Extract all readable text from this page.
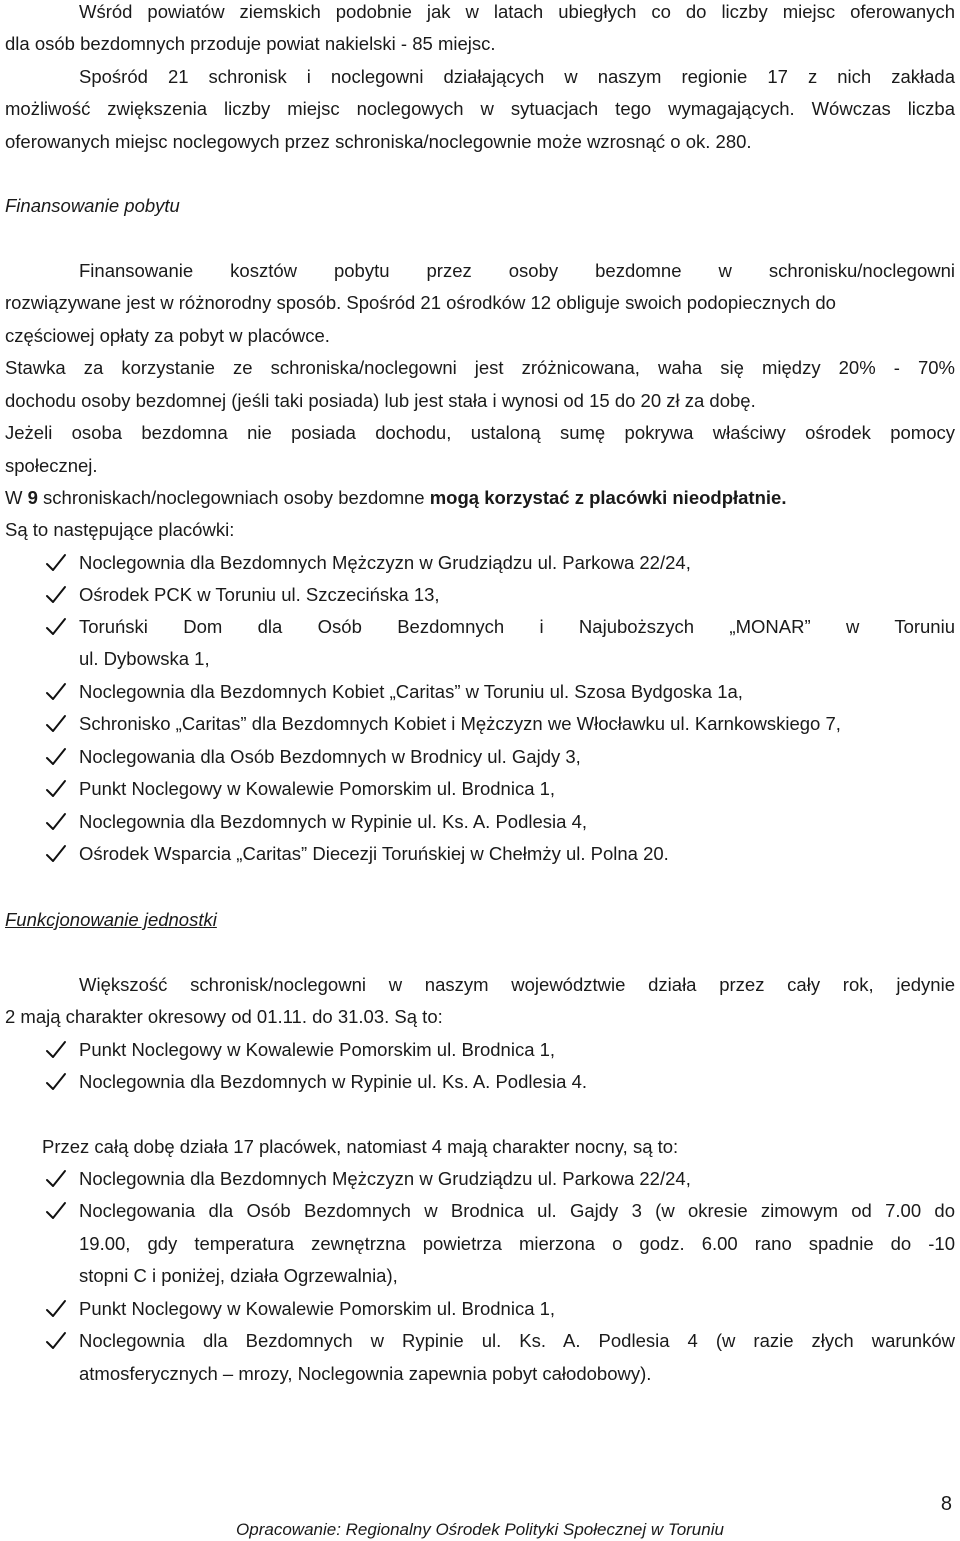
Wśród powiatów ziemskich podobnie jak w latach ubiegłych co do liczby miejsc oferowanych
dla osób bezdomnych przoduje powiat nakielski - 85 miejsc.
Spośród 21 schronisk i noclegowni działających w naszym regionie 17 z nich zakłada
możliwość zwiększenia liczby miejsc noclegowych w sytuacjach tego wymagających. Wówczas liczba
oferowanych miejsc noclegowych przez schroniska/noclegownie może wzrosnąć o ok. 280.
Finansowanie pobytu
Finansowanie kosztów pobytu przez osoby bezdomne w schronisku/noclegowni
rozwiązywane jest w różnorodny sposób. Spośród 21 ośrodków 12 obliguje swoich podopiecznych do
częściowej opłaty za pobyt w placówce.
Stawka za korzystanie ze schroniska/noclegowni jest zróżnicowana, waha się między 20% - 70%
dochodu osoby bezdomnej (jeśli taki posiada) lub jest stała i wynosi od 15 do 20 zł za dobę.
Jeżeli osoba bezdomna nie posiada dochodu, ustaloną sumę pokrywa właściwy ośrodek pomocy
społecznej.
W 9 schroniskach/noclegowniach osoby bezdomne mogą korzystać z placówki nieodpłatnie.
Są to następujące placówki:
Noclegownia dla Bezdomnych Mężczyzn w Grudziądzu ul. Parkowa 22/24,
Ośrodek PCK w Toruniu ul. Szczecińska 13,
Toruński Dom dla Osób Bezdomnych i Najuboższych „MONAR” w Toruniu
ul. Dybowska 1,
Noclegownia dla Bezdomnych Kobiet „Caritas” w Toruniu ul. Szosa Bydgoska 1a,
Schronisko „Caritas” dla Bezdomnych Kobiet i Mężczyzn we Włocławku ul. Karnkowskiego 7,
Noclegowania dla Osób Bezdomnych w Brodnicy ul. Gajdy 3,
Punkt Noclegowy w Kowalewie Pomorskim ul. Brodnica 1,
Noclegownia dla Bezdomnych w Rypinie ul. Ks. A. Podlesia 4,
Ośrodek Wsparcia „Caritas” Diecezji Toruńskiej w Chełmży ul. Polna 20.
Funkcjonowanie jednostki
Większość schronisk/noclegowni w naszym województwie działa przez cały rok, jedynie
2 mają charakter okresowy od 01.11. do 31.03. Są to:
Punkt Noclegowy w Kowalewie Pomorskim ul. Brodnica 1,
Noclegownia dla Bezdomnych w Rypinie ul. Ks. A. Podlesia 4.
Przez całą dobę działa 17 placówek, natomiast 4 mają charakter nocny, są to:
Noclegownia dla Bezdomnych Mężczyzn w Grudziądzu ul. Parkowa 22/24,
Noclegowania dla Osób Bezdomnych w Brodnica ul. Gajdy 3 (w okresie zimowym od 7.00 do
19.00, gdy temperatura zewnętrzna powietrza mierzona o godz. 6.00 rano spadnie do -10
stopni C i poniżej, działa Ogrzewalnia),
Punkt Noclegowy w Kowalewie Pomorskim ul. Brodnica 1,
Noclegownia dla Bezdomnych w Rypinie ul. Ks. A. Podlesia 4 (w razie złych warunków
atmosferycznych – mrozy, Noclegownia zapewnia pobyt całodobowy).
8
Opracowanie: Regionalny Ośrodek Polityki Społecznej w Toruniu
